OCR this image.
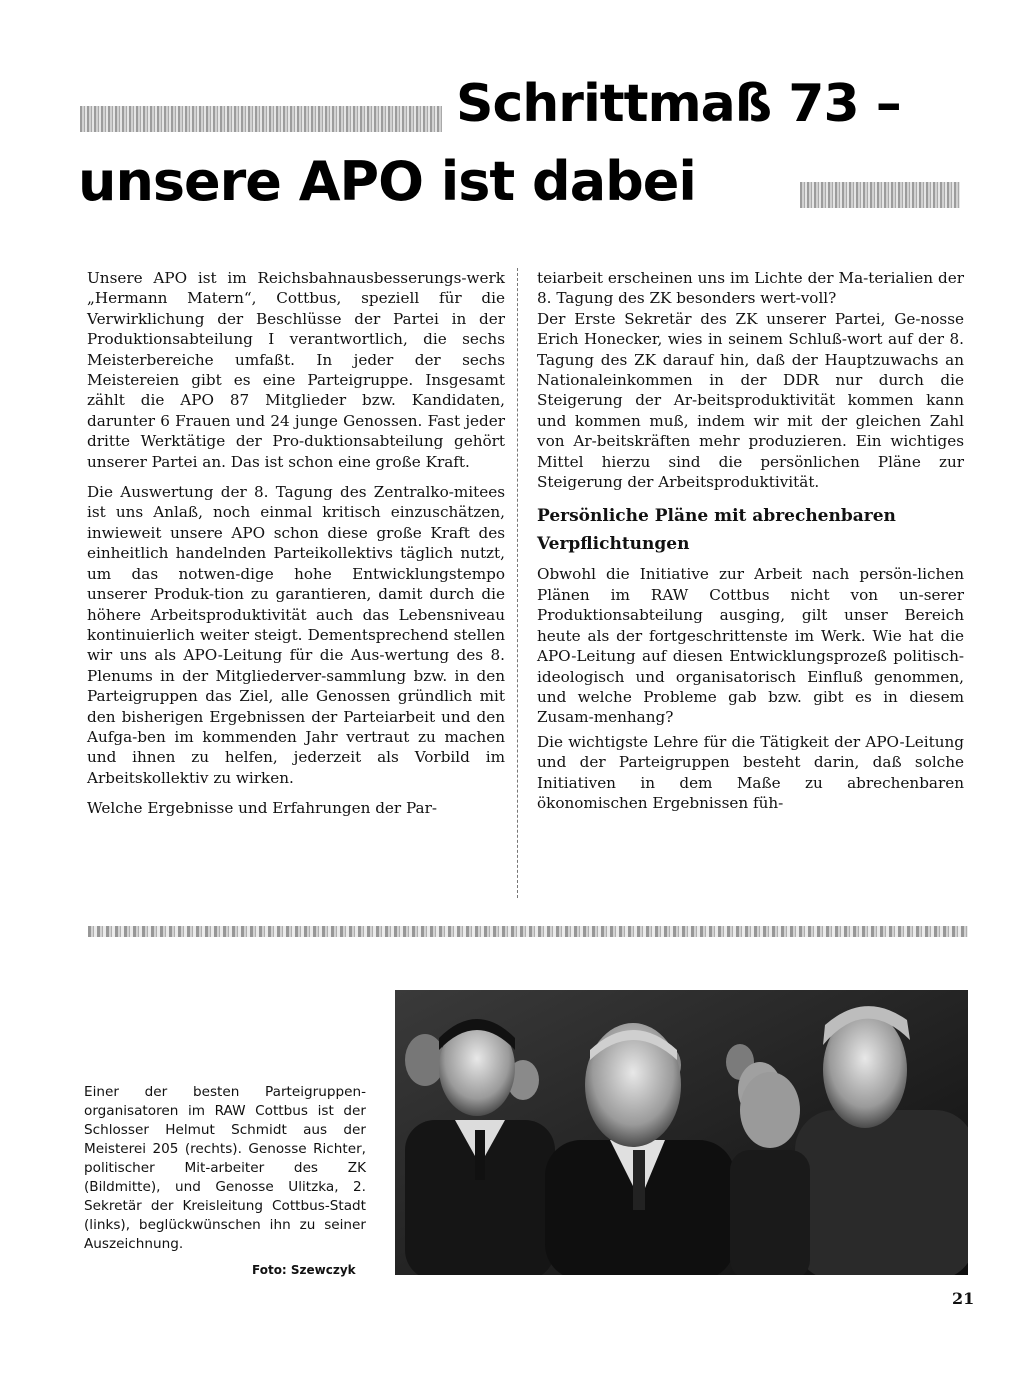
Schrittmaß 73 –
unsere APO ist dabei

Unsere APO ist im Reichsbahnausbesserungs-werk „Hermann Matern“, Cottbus, speziell für die Verwirklichung der Beschlüsse der Partei in der Produktionsabteilung I verantwortlich, die sechs Meisterbereiche umfaßt. In jeder der sechs Meistereien gibt es eine Parteigruppe. Insgesamt zählt die APO 87 Mitglieder bzw. Kandidaten, darunter 6 Frauen und 24 junge Genossen. Fast jeder dritte Werktätige der Pro-duktionsabteilung gehört unserer Partei an. Das ist schon eine große Kraft.

Die Auswertung der 8. Tagung des Zentralko-mitees ist uns Anlaß, noch einmal kritisch einzuschätzen, inwieweit unsere APO schon diese große Kraft des einheitlich handelnden Parteikollektivs täglich nutzt, um das notwen-dige hohe Entwicklungstempo unserer Produk-tion zu garantieren, damit durch die höhere Arbeitsproduktivität auch das Lebensniveau kontinuierlich weiter steigt. Dementsprechend stellen wir uns als APO-Leitung für die Aus-wertung des 8. Plenums in der Mitgliederver-sammlung bzw. in den Parteigruppen das Ziel, alle Genossen gründlich mit den bisherigen Ergebnissen der Parteiarbeit und den Aufga-ben im kommenden Jahr vertraut zu machen und ihnen zu helfen, jederzeit als Vorbild im Arbeitskollektiv zu wirken.

Welche Ergebnisse und Erfahrungen der Par-

teiarbeit erscheinen uns im Lichte der Ma-terialien der 8. Tagung des ZK besonders wert-voll?

Der Erste Sekretär des ZK unserer Partei, Ge-nosse Erich Honecker, wies in seinem Schluß-wort auf der 8. Tagung des ZK darauf hin, daß der Hauptzuwachs an Nationaleinkommen in der DDR nur durch die Steigerung der Ar-beitsproduktivität kommen kann und kommen muß, indem wir mit der gleichen Zahl von Ar-beitskräften mehr produzieren. Ein wichtiges Mittel hierzu sind die persönlichen Pläne zur Steigerung der Arbeitsproduktivität.

Persönliche Pläne mit abrechenbaren Verpflichtungen

Obwohl die Initiative zur Arbeit nach persön-lichen Plänen im RAW Cottbus nicht von un-serer Produktionsabteilung ausging, gilt unser Bereich heute als der fortgeschrittenste im Werk. Wie hat die APO-Leitung auf diesen Entwicklungsprozeß politisch-ideologisch und organisatorisch Einfluß genommen, und welche Probleme gab bzw. gibt es in diesem Zusam-menhang?

Die wichtigste Lehre für die Tätigkeit der APO-Leitung und der Parteigruppen besteht darin, daß solche Initiativen in dem Maße zu abrechenbaren ökonomischen Ergebnissen füh-

Einer der besten Parteigruppen-organisatoren im RAW Cottbus ist der Schlosser Helmut Schmidt aus der Meisterei 205 (rechts). Genosse Richter, politischer Mit-arbeiter des ZK (Bildmitte), und Genosse Ulitzka, 2. Sekretär der Kreisleitung Cottbus-Stadt (links), beglückwünschen ihn zu seiner Auszeichnung.
Foto: Szewczyk
21
